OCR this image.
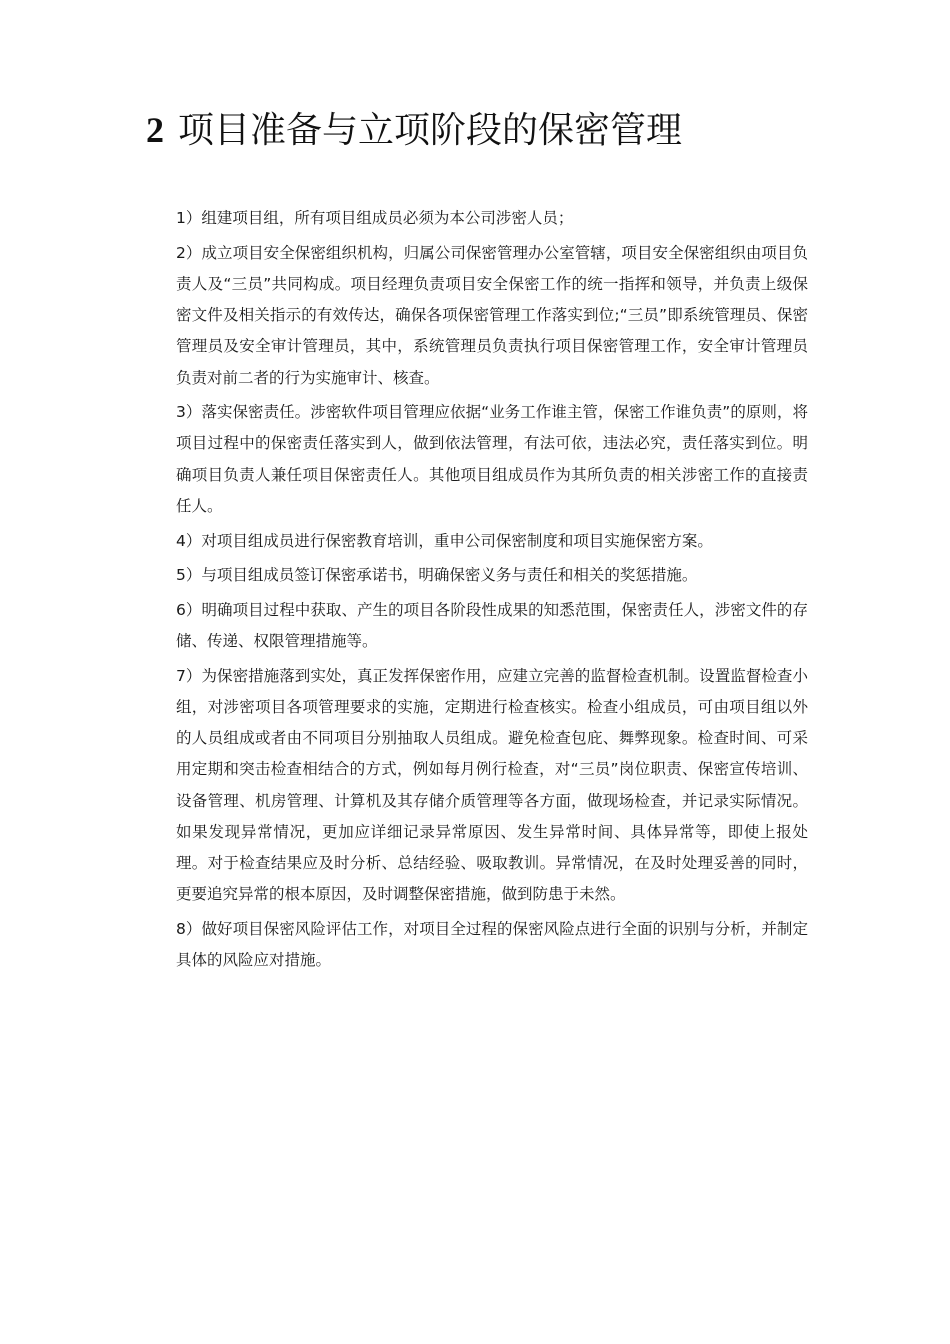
2 项目准备与立项阶段的保密管理

1）组建项目组，所有项目组成员必须为本公司涉密人员；

2）成立项目安全保密组织机构，归属公司保密管理办公室管辖，项目安全保密组织由项目负责人及“三员”共同构成。项目经理负责项目安全保密工作的统一指挥和领导，并负责上级保密文件及相关指示的有效传达，确保各项保密管理工作落实到位;“三员”即系统管理员、保密管理员及安全审计管理员，其中，系统管理员负责执行项目保密管理工作，安全审计管理员负责对前二者的行为实施审计、核查。

3）落实保密责任。涉密软件项目管理应依据“业务工作谁主管，保密工作谁负责”的原则，将项目过程中的保密责任落实到人，做到依法管理，有法可依，违法必究，责任落实到位。明确项目负责人兼任项目保密责任人。其他项目组成员作为其所负责的相关涉密工作的直接责任人。

4）对项目组成员进行保密教育培训，重申公司保密制度和项目实施保密方案。

5）与项目组成员签订保密承诺书，明确保密义务与责任和相关的奖惩措施。

6）明确项目过程中获取、产生的项目各阶段性成果的知悉范围，保密责任人，涉密文件的存储、传递、权限管理措施等。

7）为保密措施落到实处，真正发挥保密作用，应建立完善的监督检查机制。设置监督检查小组，对涉密项目各项管理要求的实施，定期进行检查核实。检查小组成员，可由项目组以外的人员组成或者由不同项目分别抽取人员组成。避免检查包庇、舞弊现象。检查时间、可采用定期和突击检查相结合的方式，例如每月例行检查，对“三员”岗位职责、保密宣传培训、设备管理、机房管理、计算机及其存储介质管理等各方面，做现场检查，并记录实际情况。如果发现异常情况，更加应详细记录异常原因、发生异常时间、具体异常等，即使上报处理。对于检查结果应及时分析、总结经验、吸取教训。异常情况，在及时处理妥善的同时，更要追究异常的根本原因，及时调整保密措施，做到防患于未然。

8）做好项目保密风险评估工作，对项目全过程的保密风险点进行全面的识别与分析，并制定具体的风险应对措施。
